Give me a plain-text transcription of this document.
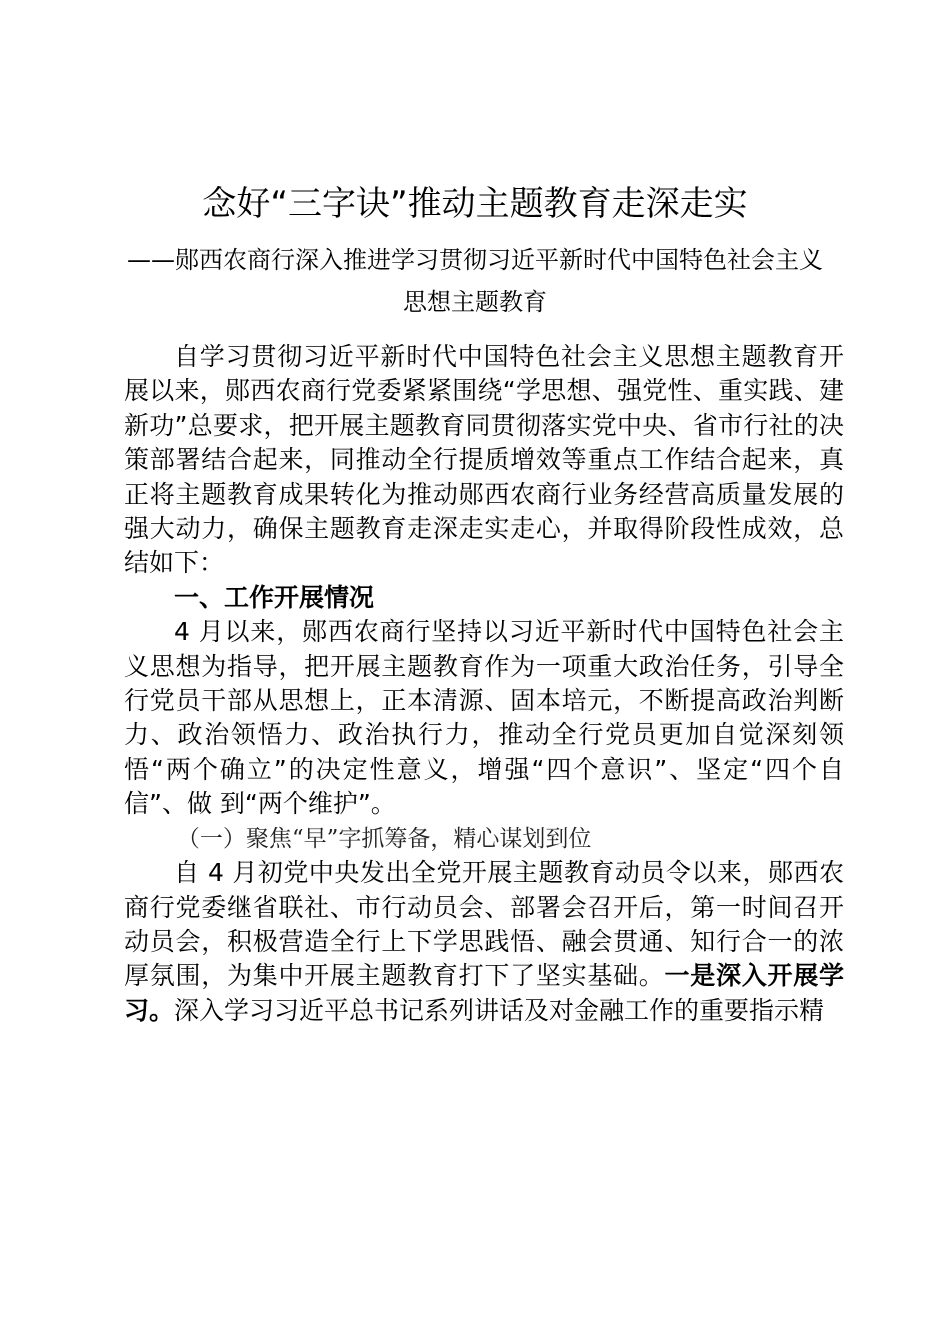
念好“三字诀”推动主题教育走深走实
——郧西农商行深入推进学习贯彻习近平新时代中国特色社会主义
思想主题教育

自学习贯彻习近平新时代中国特色社会主义思想主题教育开展以来，郧西农商行党委紧紧围绕“学思想、强党性、重实践、建新功”总要求，把开展主题教育同贯彻落实党中央、省市行社的决策部署结合起来，同推动全行提质增效等重点工作结合起来，真正将主题教育成果转化为推动郧西农商行业务经营高质量发展的强大动力，确保主题教育走深走实走心，并取得阶段性成效，总结如下：

一、工作开展情况

4 月以来，郧西农商行坚持以习近平新时代中国特色社会主义思想为指导，把开展主题教育作为一项重大政治任务，引导全行党员干部从思想上，正本清源、固本培元，不断提高政治判断力、政治领悟力、政治执行力，推动全行党员更加自觉深刻领悟“两个确立”的决定性意义，增强“四个意识”、坚定“四个自信”、做 到“两个维护”。

（一）聚焦“早”字抓筹备，精心谋划到位

自 4 月初党中央发出全党开展主题教育动员令以来，郧西农商行党委继省联社、市行动员会、部署会召开后，第一时间召开动员会，积极营造全行上下学思践悟、融会贯通、知行合一的浓厚氛围，为集中开展主题教育打下了坚实基础。一是深入开展学习。深入学习习近平总书记系列讲话及对金融工作的重要指示精
